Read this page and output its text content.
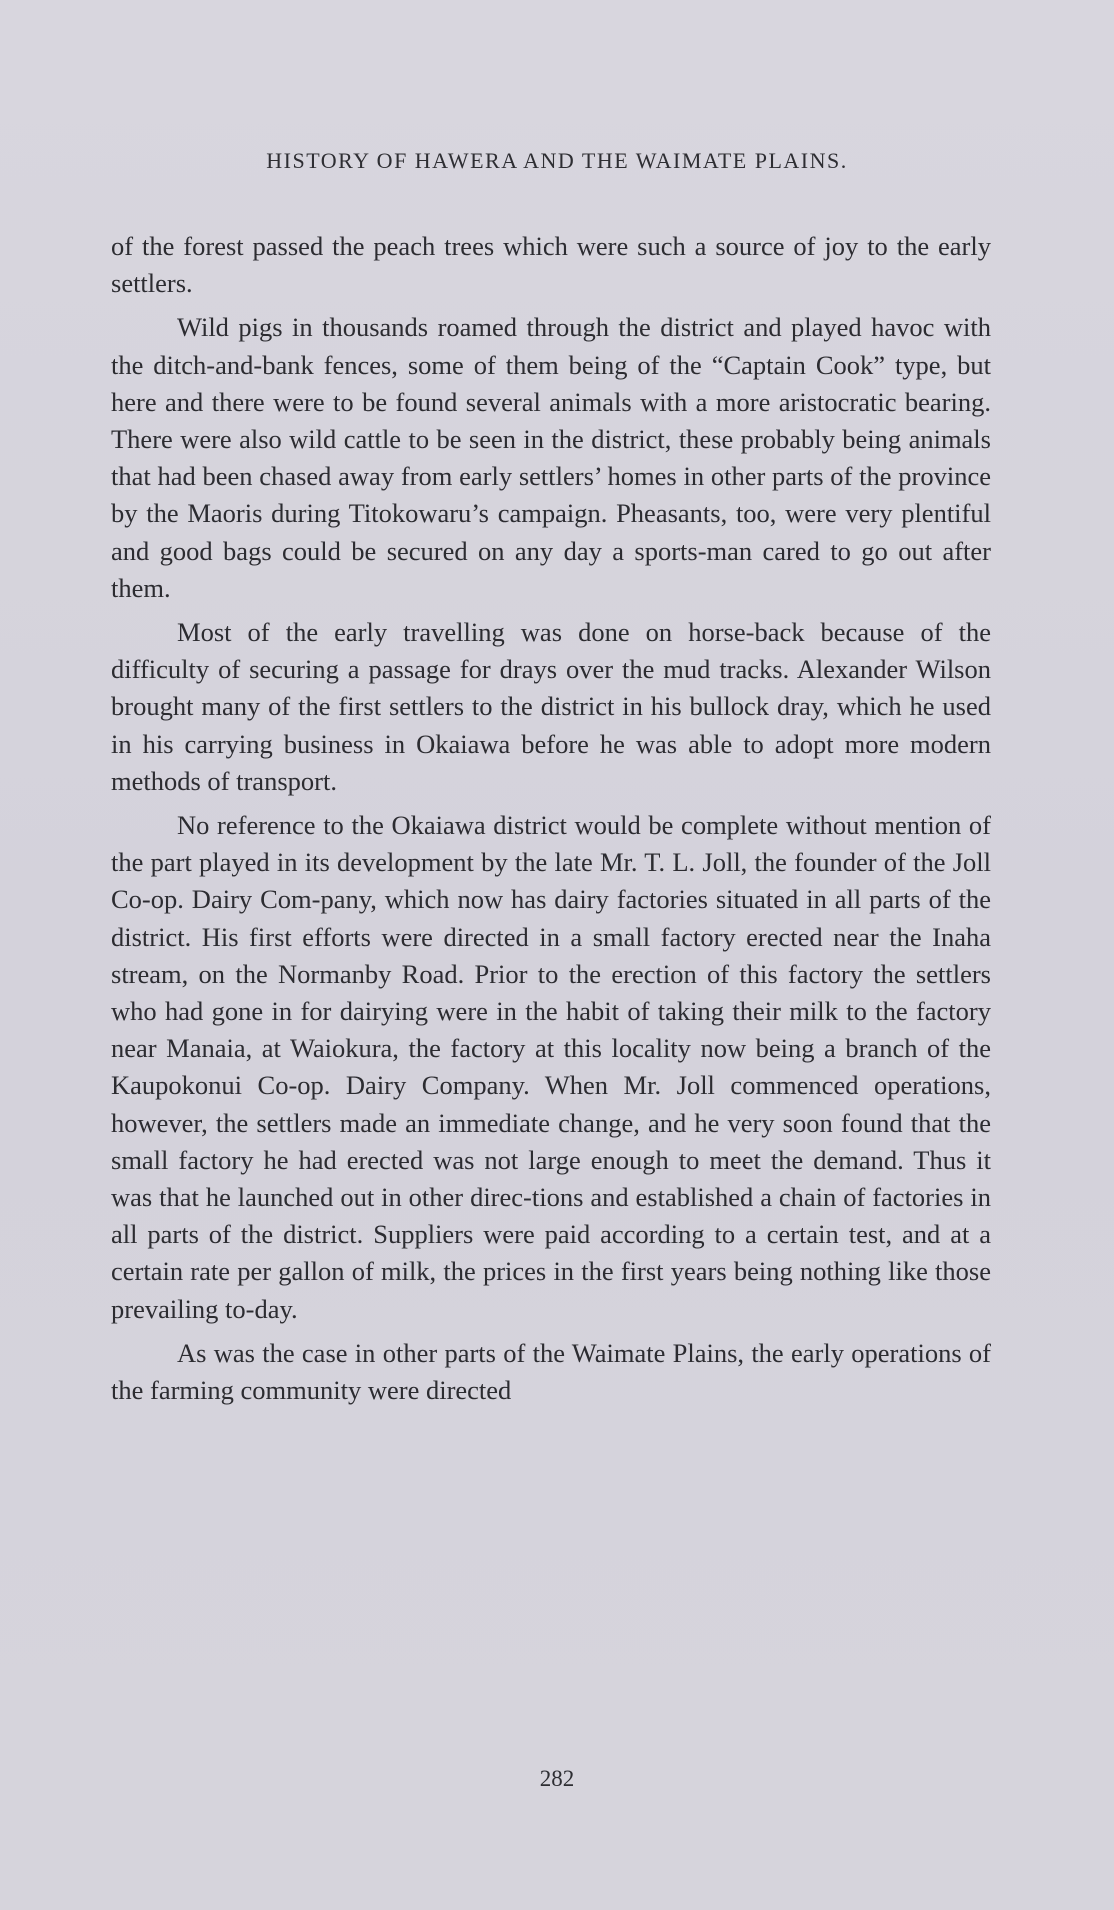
HISTORY OF HAWERA AND THE WAIMATE PLAINS.

of the forest passed the peach trees which were such a source of joy to the early settlers.

Wild pigs in thousands roamed through the district and played havoc with the ditch-and-bank fences, some of them being of the “Captain Cook” type, but here and there were to be found several animals with a more aristocratic bearing. There were also wild cattle to be seen in the district, these probably being animals that had been chased away from early settlers’ homes in other parts of the province by the Maoris during Titokowaru’s campaign. Pheasants, too, were very plentiful and good bags could be secured on any day a sports-man cared to go out after them.

Most of the early travelling was done on horse-back because of the difficulty of securing a passage for drays over the mud tracks. Alexander Wilson brought many of the first settlers to the district in his bullock dray, which he used in his carrying business in Okaiawa before he was able to adopt more modern methods of transport.

No reference to the Okaiawa district would be complete without mention of the part played in its development by the late Mr. T. L. Joll, the founder of the Joll Co-op. Dairy Com-pany, which now has dairy factories situated in all parts of the district. His first efforts were directed in a small factory erected near the Inaha stream, on the Normanby Road. Prior to the erection of this factory the settlers who had gone in for dairying were in the habit of taking their milk to the factory near Manaia, at Waiokura, the factory at this locality now being a branch of the Kaupokonui Co-op. Dairy Company. When Mr. Joll commenced operations, however, the settlers made an immediate change, and he very soon found that the small factory he had erected was not large enough to meet the demand. Thus it was that he launched out in other direc-tions and established a chain of factories in all parts of the district. Suppliers were paid according to a certain test, and at a certain rate per gallon of milk, the prices in the first years being nothing like those prevailing to-day.

As was the case in other parts of the Waimate Plains, the early operations of the farming community were directed

282
